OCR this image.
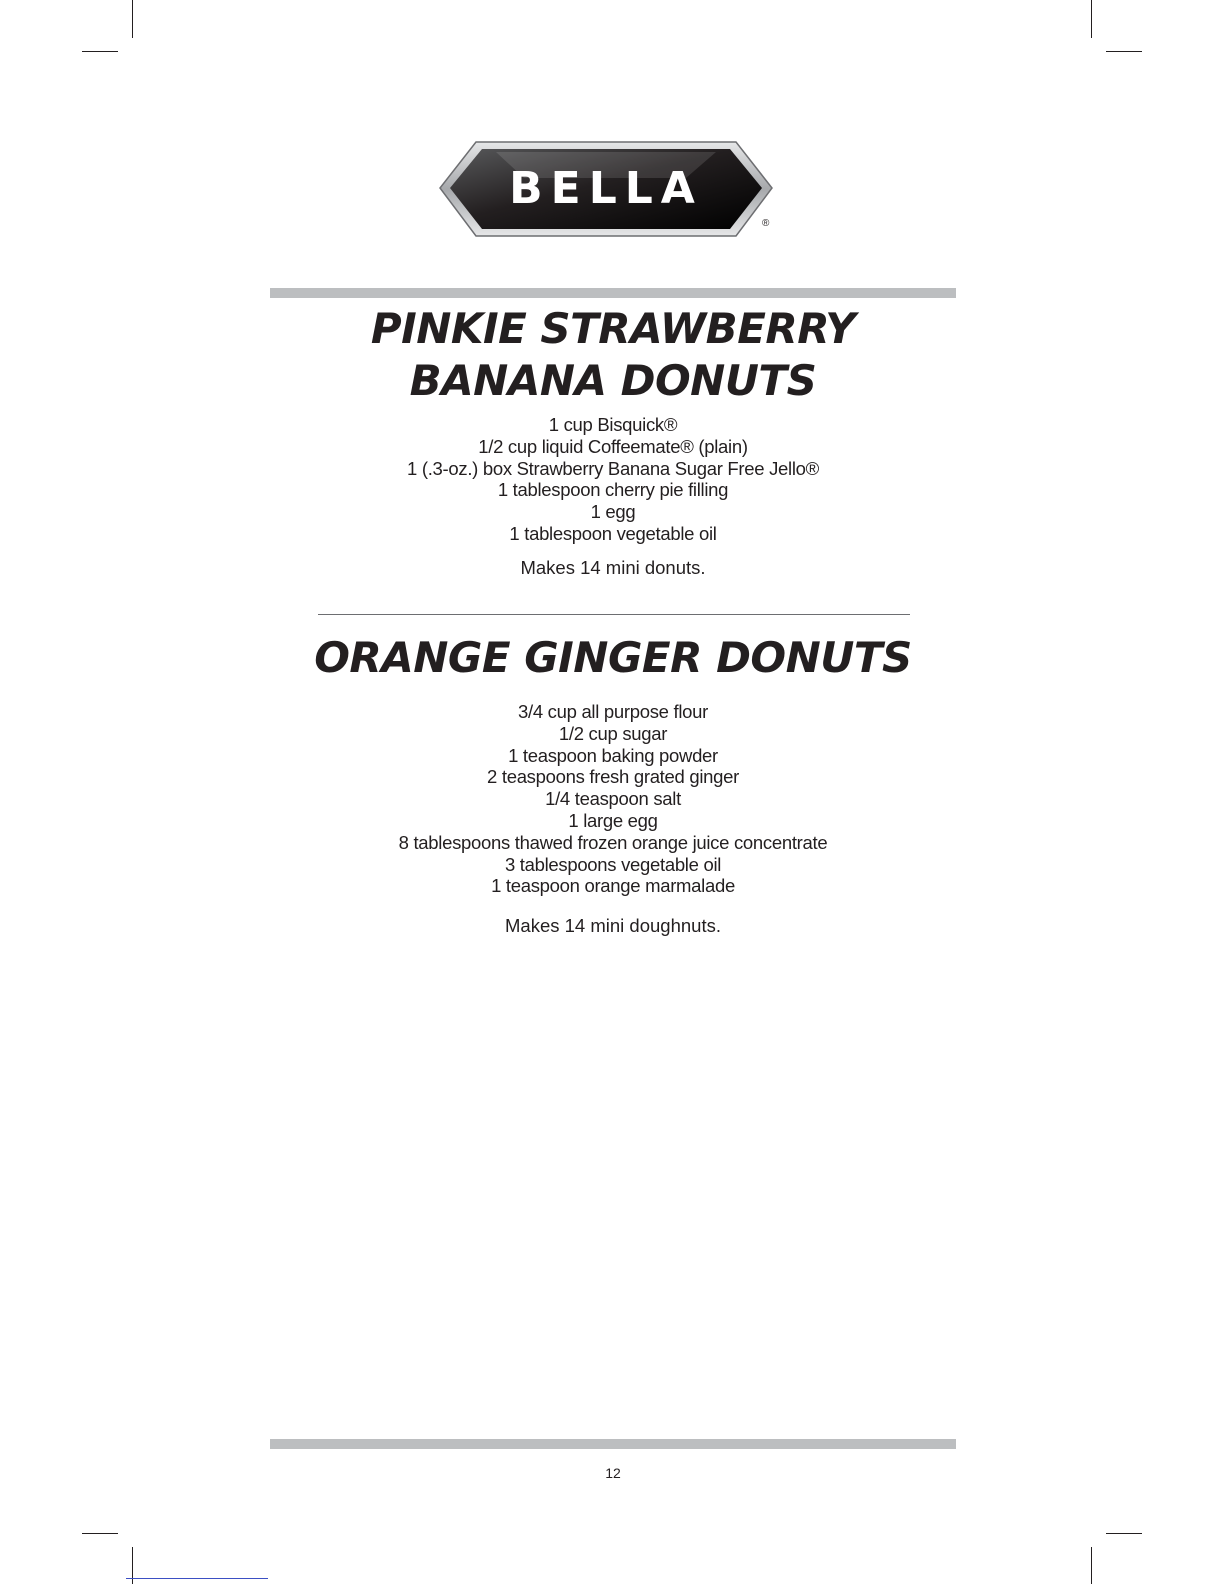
BELLA
®
PINKIE STRAWBERRY
BANANA DONUTS
1 cup Bisquick®
1/2 cup liquid Coffeemate® (plain)
1 (.3-oz.) box Strawberry Banana Sugar Free Jello®
1 tablespoon cherry pie filling
1 egg
1 tablespoon vegetable oil

Makes 14 mini donuts.

ORANGE GINGER DONUTS
3/4 cup all purpose flour
1/2 cup sugar
1 teaspoon baking powder
2 teaspoons fresh grated ginger
1/4 teaspoon salt
1 large egg
8 tablespoons thawed frozen orange juice concentrate
3 tablespoons vegetable oil
1 teaspoon orange marmalade

Makes 14 mini doughnuts.

12
